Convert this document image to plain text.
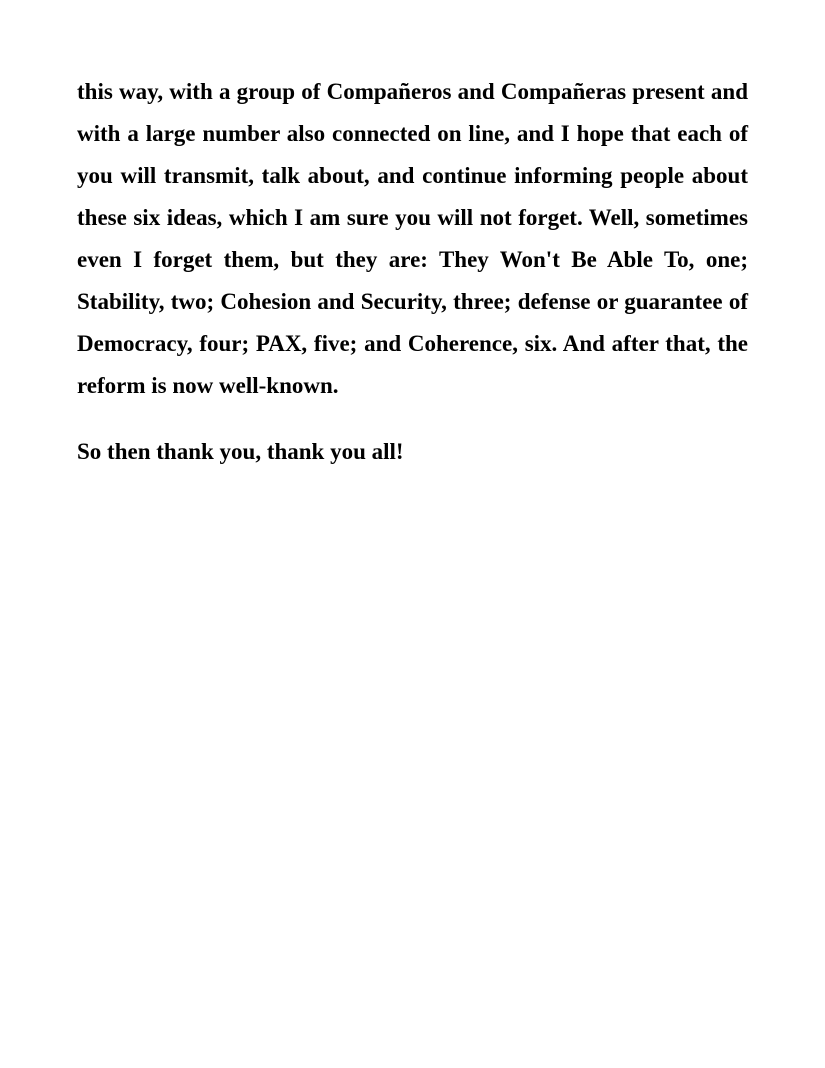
this way, with a group of Compañeros and Compañeras present and with a large number also connected on line, and I hope that each of you will transmit, talk about, and continue informing people about these six ideas, which I am sure you will not forget. Well, sometimes even I forget them, but they are: They Won't Be Able To, one; Stability, two; Cohesion and Security, three; defense or guarantee of Democracy, four; PAX, five; and Coherence, six. And after that, the reform is now well-known.

So then thank you, thank you all!
